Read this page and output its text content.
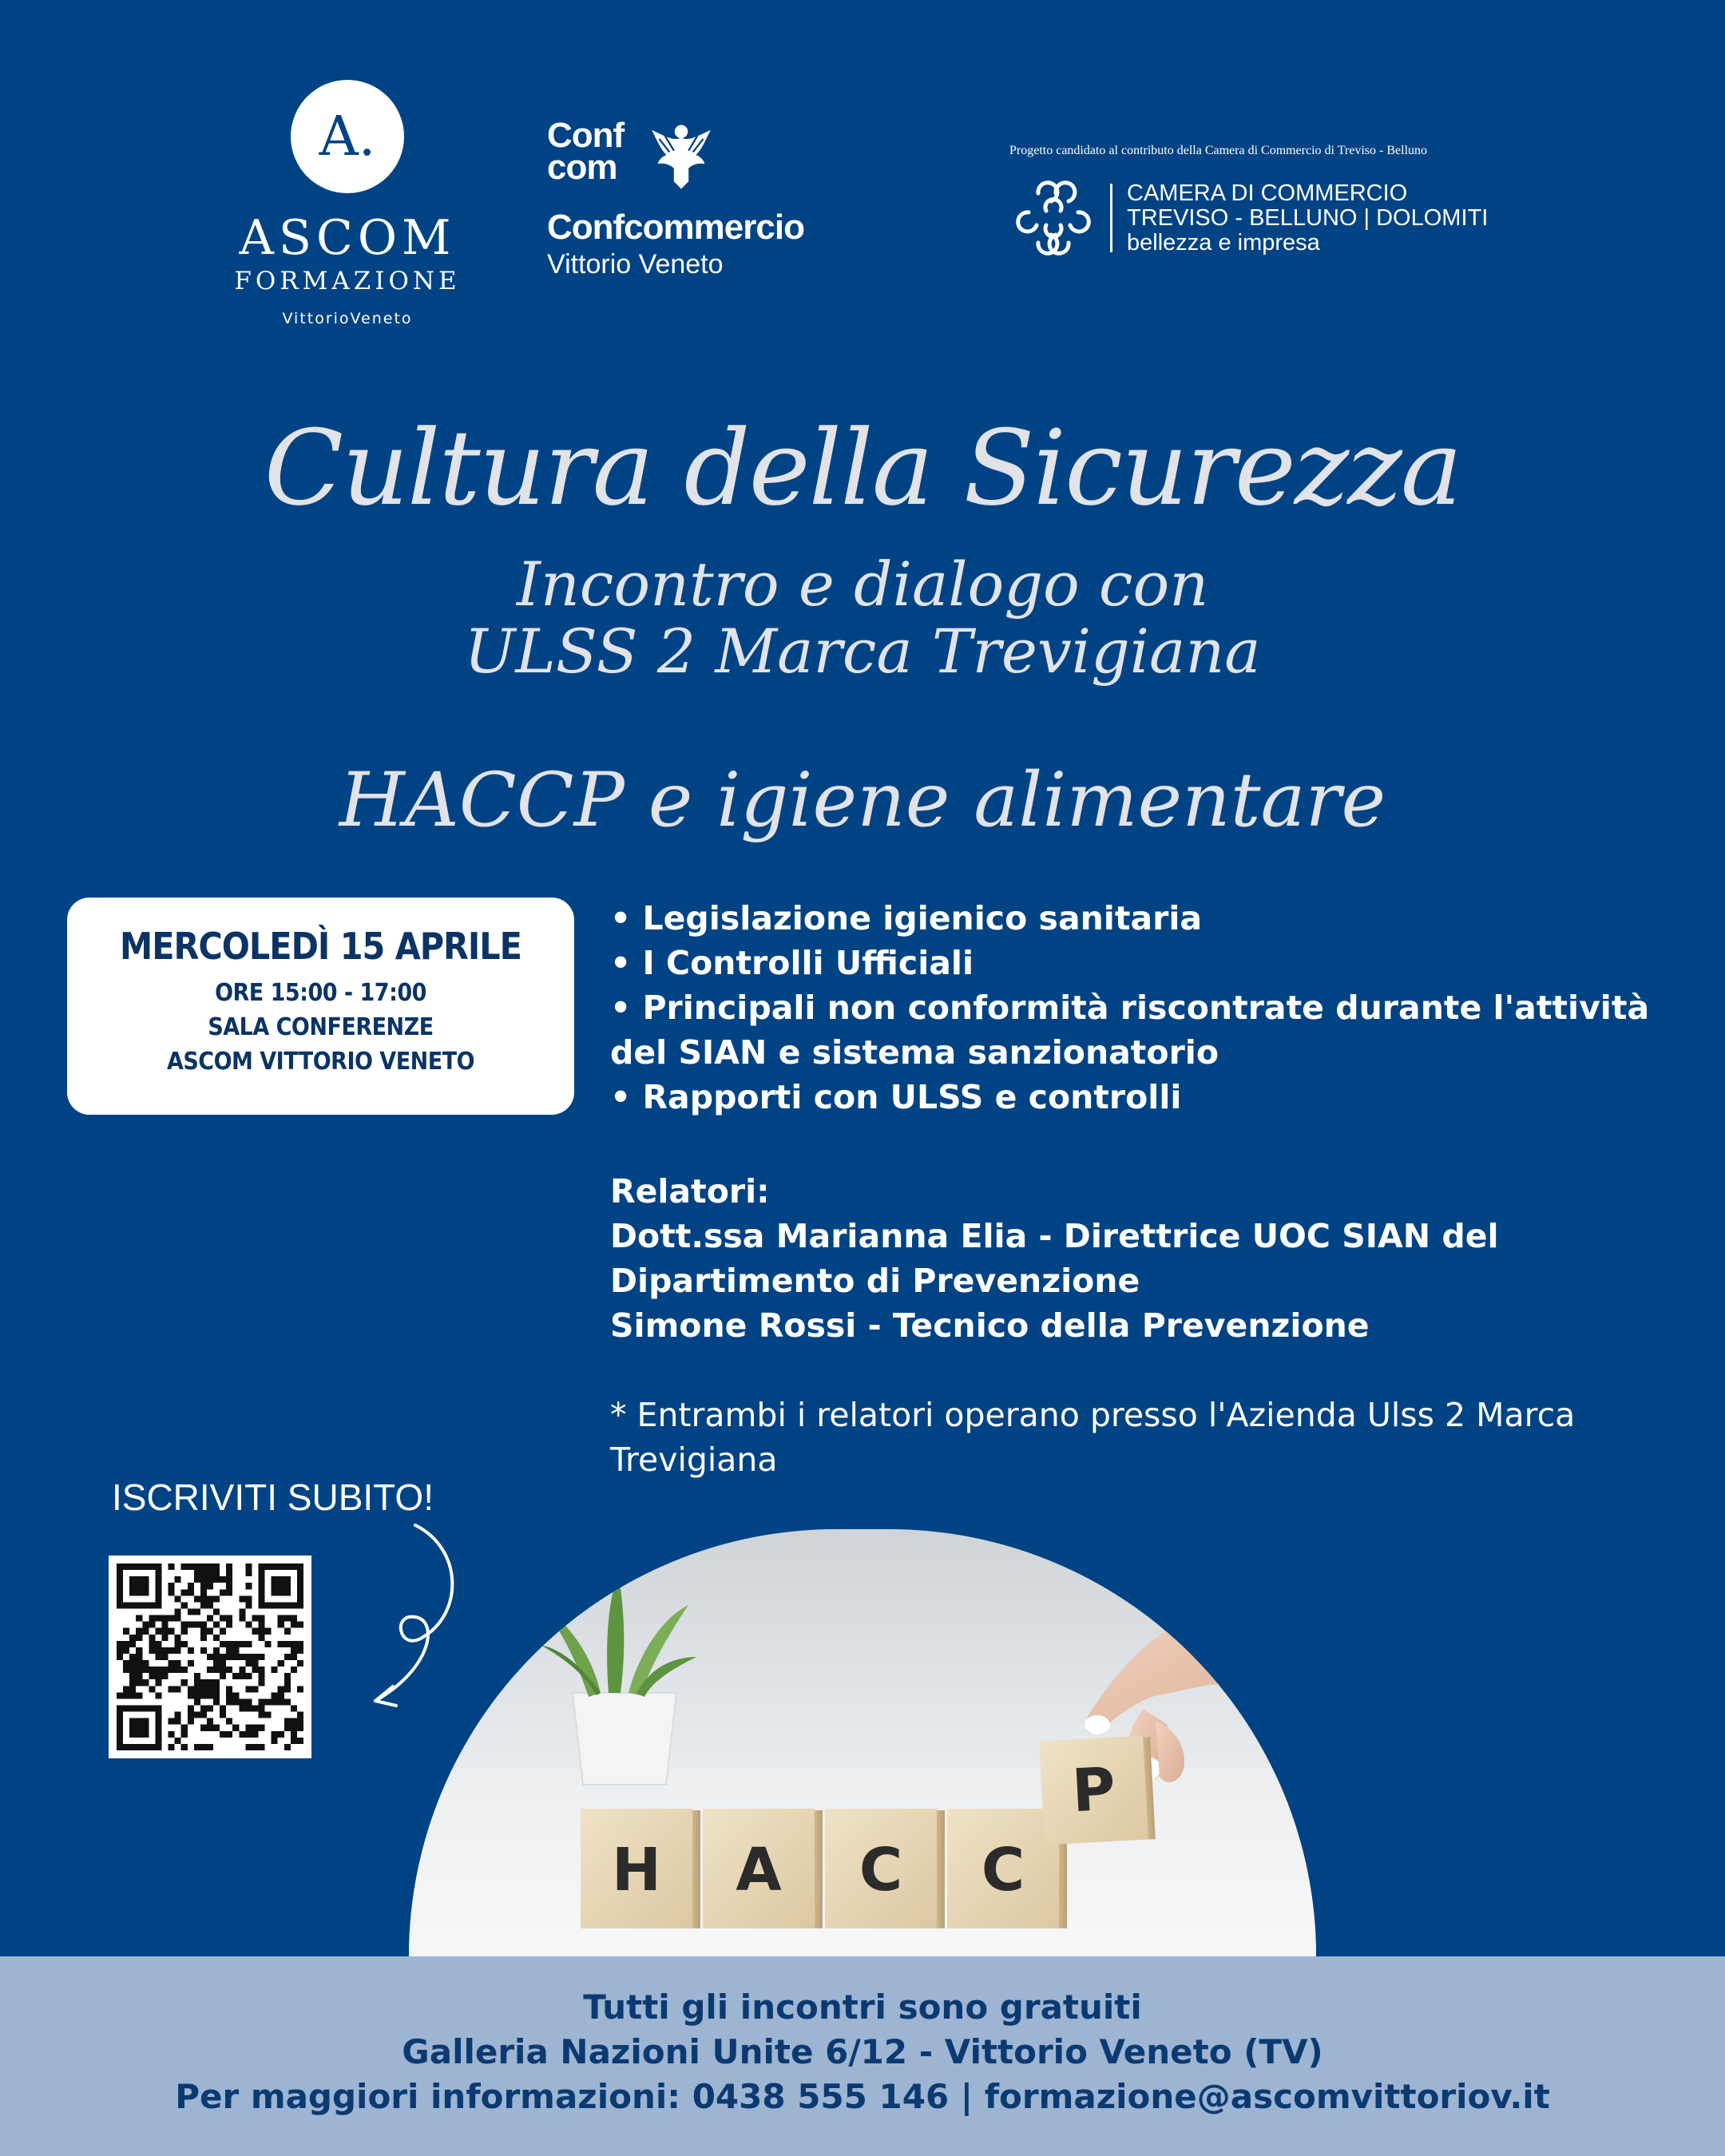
A.
ASCOM
FORMAZIONE
VittorioVeneto
Conf
com
Confcommercio
Vittorio Veneto
Progetto candidato al contributo della Camera di Commercio di Treviso - Belluno
CAMERA DI COMMERCIO
TREVISO - BELLUNO | DOLOMITI
bellezza e impresa
Cultura della Sicurezza
Incontro e dialogo con
ULSS 2 Marca Trevigiana
HACCP e igiene alimentare
MERCOLEDÌ 15 APRILE
ORE 15:00 - 17:00
SALA CONFERENZE
ASCOM VITTORIO VENETO
• Legislazione igienico sanitaria
• I Controlli Ufficiali
• Principali non conformità riscontrate durante l'attività del SIAN e sistema sanzionatorio
• Rapporti con ULSS e controlli
Relatori:
Dott.ssa Marianna Elia - Direttrice UOC SIAN del Dipartimento di Prevenzione
Simone Rossi - Tecnico della Prevenzione
* Entrambi i relatori operano presso l'Azienda Ulss 2 Marca Trevigiana
ISCRIVITI SUBITO!
H A C C
P
Tutti gli incontri sono gratuiti
Galleria Nazioni Unite 6/12 - Vittorio Veneto (TV)
Per maggiori informazioni: 0438 555 146 | formazione@ascomvittoriov.it
